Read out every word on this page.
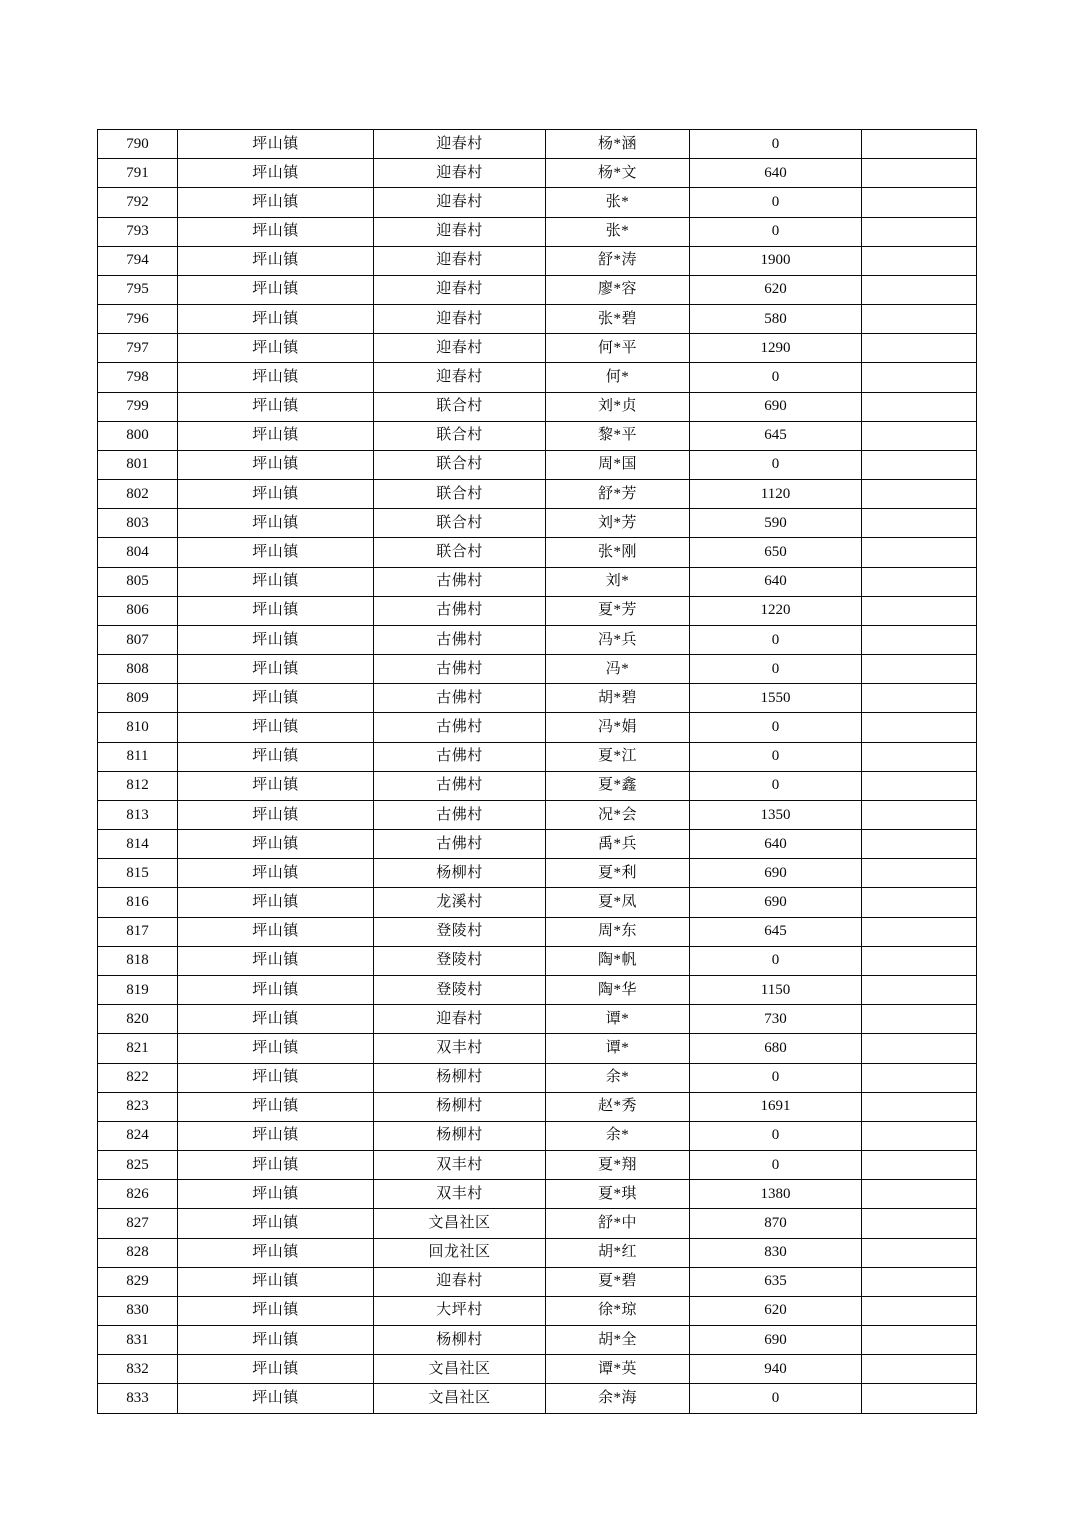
790	坪山镇	迎春村	杨*涵	0	
791	坪山镇	迎春村	杨*文	640	
792	坪山镇	迎春村	张*	0	
793	坪山镇	迎春村	张*	0	
794	坪山镇	迎春村	舒*涛	1900	
795	坪山镇	迎春村	廖*容	620	
796	坪山镇	迎春村	张*碧	580	
797	坪山镇	迎春村	何*平	1290	
798	坪山镇	迎春村	何*	0	
799	坪山镇	联合村	刘*贞	690	
800	坪山镇	联合村	黎*平	645	
801	坪山镇	联合村	周*国	0	
802	坪山镇	联合村	舒*芳	1120	
803	坪山镇	联合村	刘*芳	590	
804	坪山镇	联合村	张*刚	650	
805	坪山镇	古佛村	刘*	640	
806	坪山镇	古佛村	夏*芳	1220	
807	坪山镇	古佛村	冯*兵	0	
808	坪山镇	古佛村	冯*	0	
809	坪山镇	古佛村	胡*碧	1550	
810	坪山镇	古佛村	冯*娟	0	
811	坪山镇	古佛村	夏*江	0	
812	坪山镇	古佛村	夏*鑫	0	
813	坪山镇	古佛村	况*会	1350	
814	坪山镇	古佛村	禹*兵	640	
815	坪山镇	杨柳村	夏*利	690	
816	坪山镇	龙溪村	夏*凤	690	
817	坪山镇	登陵村	周*东	645	
818	坪山镇	登陵村	陶*帆	0	
819	坪山镇	登陵村	陶*华	1150	
820	坪山镇	迎春村	谭*	730	
821	坪山镇	双丰村	谭*	680	
822	坪山镇	杨柳村	余*	0	
823	坪山镇	杨柳村	赵*秀	1691	
824	坪山镇	杨柳村	余*	0	
825	坪山镇	双丰村	夏*翔	0	
826	坪山镇	双丰村	夏*琪	1380	
827	坪山镇	文昌社区	舒*中	870	
828	坪山镇	回龙社区	胡*红	830	
829	坪山镇	迎春村	夏*碧	635	
830	坪山镇	大坪村	徐*琼	620	
831	坪山镇	杨柳村	胡*全	690	
832	坪山镇	文昌社区	谭*英	940	
833	坪山镇	文昌社区	余*海	0	
